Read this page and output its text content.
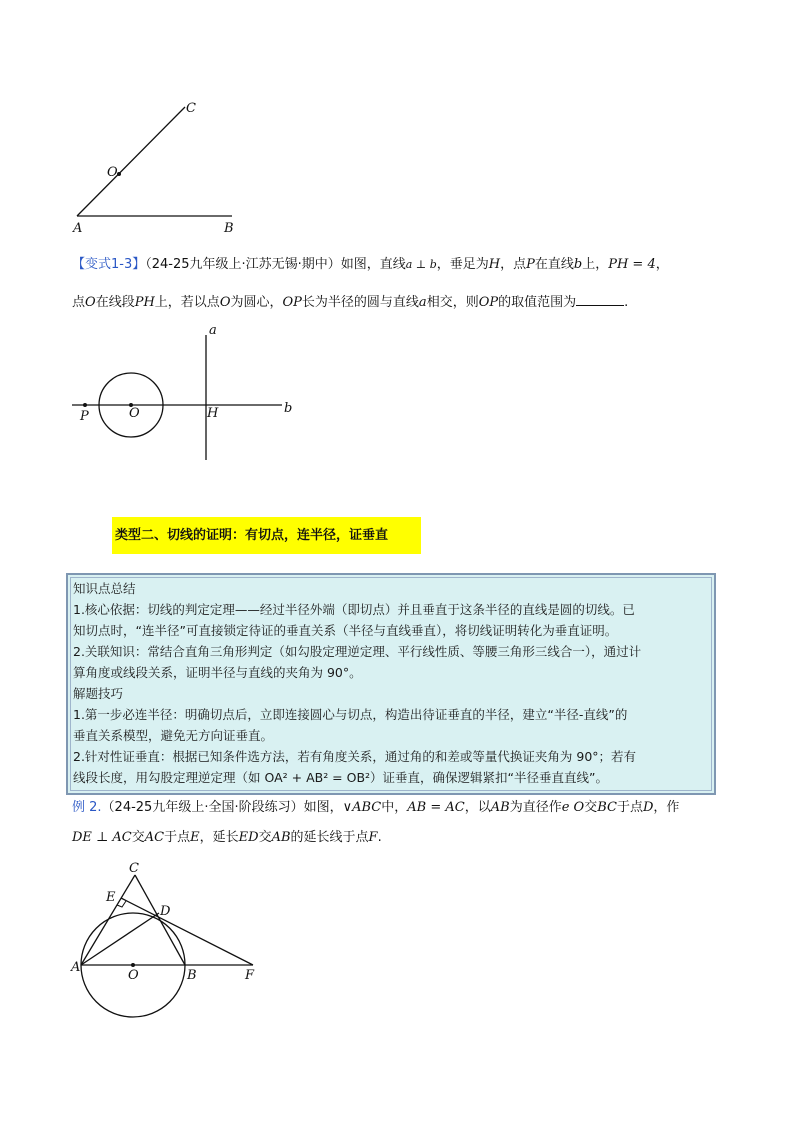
C
O
A	B
【变式1-3】（24-25九年级上·江苏无锡·期中）如图，直线a ⊥ b，垂足为H，点P在直线b上，PH = 4，
点O在线段PH上，若以点O为圆心，OP长为半径的圆与直线a相交，则OP的取值范围为	.
a
b
P	O	H
类型二、切线的证明：有切点，连半径，证垂直
知识点总结
1.核心依据：切线的判定定理——经过半径外端（即切点）并且垂直于这条半径的直线是圆的切线。已
知切点时，“连半径”可直接锁定待证的垂直关系（半径与直线垂直），将切线证明转化为垂直证明。
2.关联知识：常结合直角三角形判定（如勾股定理逆定理、平行线性质、等腰三角形三线合一），通过计
算角度或线段关系，证明半径与直线的夹角为 90°。
解题技巧
1.第一步必连半径：明确切点后，立即连接圆心与切点，构造出待证垂直的半径，建立“半径-直线”的
垂直关系模型，避免无方向证垂直。
2.针对性证垂直：根据已知条件选方法，若有角度关系，通过角的和差或等量代换证夹角为 90°；若有
线段长度，用勾股定理逆定理（如 OA² + AB² = OB²）证垂直，确保逻辑紧扣“半径垂直直线”。
例 2.（24-25九年级上·全国·阶段练习）如图，∨ABC中，AB = AC，以AB为直径作e O交BC于点D，作
DE ⊥ AC交AC于点E，延长ED交AB的延长线于点F.
C
E
D
A
O	B	F
